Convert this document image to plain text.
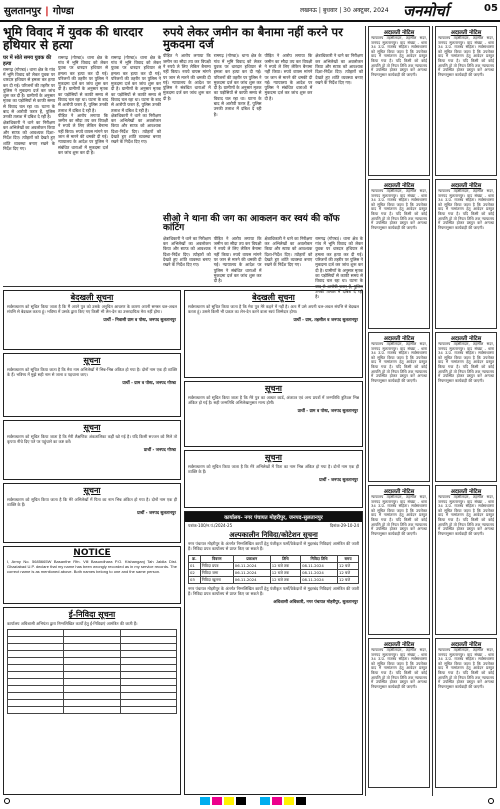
सुलतानपुर | गोण्डा	लखनऊ | बुधवार | 30 अक्टूबर, 2024 जनमोर्चा	05
भूमि विवाद में युवक की धारदार हथियार से हत्या
घर में सोते समय युवक की हत्या
रामगढ़ (गोण्डा)। थाना क्षेत्र के गांव में भूमि विवाद को लेकर युवक पर धारदार हथियार से हमला कर हत्या कर दी गई। परिजनों की तहरीर पर पुलिस ने मुकदमा दर्ज कर जांच शुरू कर दी है। ग्रामीणों के अनुसार मृतक का पड़ोसियों से काफी समय से विवाद चल रहा था। घटना के बाद से आरोपी फरार हैं, पुलिस उनकी तलाश में दबिश दे रही है।
क्षेत्राधिकारी ने थाने का निरीक्षण कर अभिलेखों का अवलोकन किया और स्टाफ को आवश्यक दिशा-निर्देश दिए। त्योहारों को देखते हुए शांति व्यवस्था बनाए रखने के निर्देश दिए गए।
रामगढ़ (गोण्डा)। थाना क्षेत्र के गांव में भूमि विवाद को लेकर युवक पर धारदार हथियार से हमला कर हत्या कर दी गई। परिजनों की तहरीर पर पुलिस ने मुकदमा दर्ज कर जांच शुरू कर दी है। ग्रामीणों के अनुसार मृतक का पड़ोसियों से काफी समय से विवाद चल रहा था। घटना के बाद से आरोपी फरार हैं, पुलिस उनकी तलाश में दबिश दे रही है।
पीड़ित ने आरोप लगाया कि जमीन का सौदा तय कर विपक्षी ने रुपये ले लिए लेकिन बैनामा नहीं किया। रुपये वापस मांगने पर जान से मारने की धमकी दी गई। न्यायालय के आदेश पर पुलिस ने संबंधित धाराओं में मुकदमा दर्ज कर जांच शुरू कर दी है।
रामगढ़ (गोण्डा)। थाना क्षेत्र के गांव में भूमि विवाद को लेकर युवक पर धारदार हथियार से हमला कर हत्या कर दी गई। परिजनों की तहरीर पर पुलिस ने मुकदमा दर्ज कर जांच शुरू कर दी है। ग्रामीणों के अनुसार मृतक का पड़ोसियों से काफी समय से विवाद चल रहा था। घटना के बाद से आरोपी फरार हैं, पुलिस उनकी तलाश में दबिश दे रही है।
क्षेत्राधिकारी ने थाने का निरीक्षण कर अभिलेखों का अवलोकन किया और स्टाफ को आवश्यक दिशा-निर्देश दिए। त्योहारों को देखते हुए शांति व्यवस्था बनाए रखने के निर्देश दिए गए।
रुपये लेकर जमीन का बैनामा नहीं करने पर मुकदमा दर्ज
पीड़ित ने आरोप लगाया कि जमीन का सौदा तय कर विपक्षी ने रुपये ले लिए लेकिन बैनामा नहीं किया। रुपये वापस मांगने पर जान से मारने की धमकी दी गई। न्यायालय के आदेश पर पुलिस ने संबंधित धाराओं में मुकदमा दर्ज कर जांच शुरू कर दी है।
रामगढ़ (गोण्डा)। थाना क्षेत्र के गांव में भूमि विवाद को लेकर युवक पर धारदार हथियार से हमला कर हत्या कर दी गई। परिजनों की तहरीर पर पुलिस ने मुकदमा दर्ज कर जांच शुरू कर दी है। ग्रामीणों के अनुसार मृतक का पड़ोसियों से काफी समय से विवाद चल रहा था। घटना के बाद से आरोपी फरार हैं, पुलिस उनकी तलाश में दबिश दे रही है।
पीड़ित ने आरोप लगाया कि जमीन का सौदा तय कर विपक्षी ने रुपये ले लिए लेकिन बैनामा नहीं किया। रुपये वापस मांगने पर जान से मारने की धमकी दी गई। न्यायालय के आदेश पर पुलिस ने संबंधित धाराओं में मुकदमा दर्ज कर जांच शुरू कर दी है।
क्षेत्राधिकारी ने थाने का निरीक्षण कर अभिलेखों का अवलोकन किया और स्टाफ को आवश्यक दिशा-निर्देश दिए। त्योहारों को देखते हुए शांति व्यवस्था बनाए रखने के निर्देश दिए गए।
सीओ ने थाना की जग का आकलन कर स्वयं की कॉफ कांटिंग
क्षेत्राधिकारी ने थाने का निरीक्षण कर अभिलेखों का अवलोकन किया और स्टाफ को आवश्यक दिशा-निर्देश दिए। त्योहारों को देखते हुए शांति व्यवस्था बनाए रखने के निर्देश दिए गए।
पीड़ित ने आरोप लगाया कि जमीन का सौदा तय कर विपक्षी ने रुपये ले लिए लेकिन बैनामा नहीं किया। रुपये वापस मांगने पर जान से मारने की धमकी दी गई। न्यायालय के आदेश पर पुलिस ने संबंधित धाराओं में मुकदमा दर्ज कर जांच शुरू कर दी है।
क्षेत्राधिकारी ने थाने का निरीक्षण कर अभिलेखों का अवलोकन किया और स्टाफ को आवश्यक दिशा-निर्देश दिए। त्योहारों को देखते हुए शांति व्यवस्था बनाए रखने के निर्देश दिए गए।
रामगढ़ (गोण्डा)। थाना क्षेत्र के गांव में भूमि विवाद को लेकर युवक पर धारदार हथियार से हमला कर हत्या कर दी गई। परिजनों की तहरीर पर पुलिस ने मुकदमा दर्ज कर जांच शुरू कर दी है। ग्रामीणों के अनुसार मृतक का पड़ोसियों से काफी समय से विवाद चल रहा था। घटना के उनकी तलाश में दबिश दे रही है।
बेदखली सूचना
सर्वसाधारण को सूचित किया जाता है कि मैं अपने पुत्र को उसके अनुचित आचरण के कारण अपनी समस्त चल-अचल संपत्ति से बेदखल करता हूं। भविष्य में उसके द्वारा किए गए किसी भी लेन-देन का उत्तरदायित्व मेरा नहीं होगा।
प्रार्थी - निवासी ग्राम व पोस्ट, जनपद सुलतानपुर
सूचना
सर्वसाधारण को सूचित किया जाता है कि मेरा नाम अभिलेखों में भिन्न-भिन्न अंकित हो गया है। दोनों नाम एक ही व्यक्ति के हैं। भविष्य में मुझे सही नाम से जाना व पहचाना जाए।
प्रार्थी - ग्राम व पोस्ट, जनपद गोण्डा
सूचना
सर्वसाधारण को सूचित किया जाता है कि मेरी शैक्षणिक अंकतालिका कहीं खो गई है। यदि किसी सज्जन को मिले तो कृपया नीचे दिए पते पर पहुंचाने का कष्ट करें।
प्रार्थी - जनपद गोण्डा
सूचना
सर्वसाधारण को सूचित किया जाता है कि मेरे अभिलेखों में पिता का नाम भिन्न अंकित हो गया है। दोनों नाम एक ही व्यक्ति के हैं।
प्रार्थी - जनपद सुलतानपुर
NOTICE
I, Army No. 5685665W Basanthe Rfn. Vill Basundhara P.O. Kishanganj Tah Jaldia Dist. Ghaziabad U.P. declare that my name has been wrongly recorded as in my service records. The correct name is as mentioned above. Both names belong to one and the same person.
ई-निविदा सूचना
कार्यालय अधिशासी अभियंता द्वारा निम्नलिखित कार्यों हेतु ई-निविदाएं आमंत्रित की जाती हैं।

बेदखली सूचना
सर्वसाधारण को सूचित किया जाता है कि मेरा पुत्र मेरे कहने में नहीं है। अतः मैं उसे अपनी चल-अचल संपत्ति से बेदखल करता हूं। उससे किसी भी प्रकार का लेन-देन करने वाला स्वयं जिम्मेदार होगा।
प्रार्थी - ग्राम, तहसील व जनपद सुलतानपुर
सूचना
सर्वसाधारण को सूचित किया जाता है कि मेरे पुत्र का आधार कार्ड, अंकपत्र एवं अन्य प्रपत्रों में जन्मतिथि त्रुटिवश भिन्न अंकित हो गई है। सही जन्मतिथि अभिलेखानुसार मान्य होगी।
प्रार्थी - ग्राम व पोस्ट, जनपद सुलतानपुर
सूचना
सर्वसाधारण को सूचित किया जाता है कि मेरे अभिलेखों में पिता का नाम भिन्न अंकित हो गया है। दोनों नाम एक ही व्यक्ति के हैं।
प्रार्थी - जनपद सुलतानपुर
कार्यालय- नगर पंचायत मोहरीपुर, जनपद-सुलतानपुर
पत्रांक-100/न.पं./2024-25	दिनांक-29-10-24
अल्पकालीन निविदा/कोटेशन सूचना
नगर पंचायत मोहरीपुर के अंतर्गत निम्नलिखित कार्यों हेतु पंजीकृत फर्मों/ठेकेदारों से मुहरबंद निविदाएं आमंत्रित की जाती हैं। निविदा प्रपत्र कार्यालय से प्राप्त किए जा सकते हैं।
क्र.	विवरण	प्रकाशन	तिथि	निविदा तिथि	समय
01	निविदा प्रपत्र	06.11.2024	12 बजे तक	08.11.2024	12 बजे
02	निविदा जमा	06.11.2024	12 बजे तक	08.11.2024	12 बजे
03	निविदा खुलना	06.11.2024	12 बजे तक	08.11.2024	12 बजे
नगर पंचायत मोहरीपुर के अंतर्गत निम्नलिखित कार्यों हेतु पंजीकृत फर्मों/ठेकेदारों से मुहरबंद निविदाएं आमंत्रित की जाती हैं। निविदा प्रपत्र कार्यालय से प्राप्त किए जा सकते हैं।
अधिशासी अधिकारी, नगर पंचायत मोहरीपुर, सुलतानपुर
अदालती नोटिस
न्यायालय तहसीलदार, तहसील सदर, जनपद सुलतानपुर। वाद संख्या - धारा 34 उ.प्र. राजस्व संहिता। सर्वसाधारण को सूचित किया जाता है कि उपरोक्त वाद में नामांतरण हेतु आवेदन प्रस्तुत किया गया है। यदि किसी को कोई आपत्ति हो तो नियत तिथि तक न्यायालय में उपस्थित होकर प्रस्तुत करें अन्यथा नियमानुसार कार्यवाही की जाएगी।
अदालती नोटिस
न्यायालय तहसीलदार, तहसील सदर, जनपद सुलतानपुर। वाद संख्या - धारा 34 उ.प्र. राजस्व संहिता। सर्वसाधारण को सूचित किया जाता है कि उपरोक्त वाद में नामांतरण हेतु आवेदन प्रस्तुत किया गया है। यदि किसी को कोई आपत्ति हो तो नियत तिथि तक न्यायालय में उपस्थित होकर प्रस्तुत करें अन्यथा नियमानुसार कार्यवाही की जाएगी।
अदालती नोटिस
न्यायालय तहसीलदार, तहसील सदर, जनपद सुलतानपुर। वाद संख्या - धारा 34 उ.प्र. राजस्व संहिता। सर्वसाधारण को सूचित किया जाता है कि उपरोक्त वाद में नामांतरण हेतु आवेदन प्रस्तुत किया गया है। यदि किसी को कोई आपत्ति हो तो नियत तिथि तक न्यायालय में उपस्थित होकर प्रस्तुत करें अन्यथा नियमानुसार कार्यवाही की जाएगी।
अदालती नोटिस
न्यायालय तहसीलदार, तहसील सदर, जनपद सुलतानपुर। वाद संख्या - धारा 34 उ.प्र. राजस्व संहिता। सर्वसाधारण को सूचित किया जाता है कि उपरोक्त वाद में नामांतरण हेतु आवेदन प्रस्तुत किया गया है। यदि किसी को कोई आपत्ति हो तो नियत तिथि तक न्यायालय में उपस्थित होकर प्रस्तुत करें अन्यथा नियमानुसार कार्यवाही की जाएगी।
अदालती नोटिस
न्यायालय तहसीलदार, तहसील सदर, जनपद सुलतानपुर। वाद संख्या - धारा 34 उ.प्र. राजस्व संहिता। सर्वसाधारण को सूचित किया जाता है कि उपरोक्त वाद में नामांतरण हेतु आवेदन प्रस्तुत किया गया है। यदि किसी को कोई आपत्ति हो तो नियत तिथि तक न्यायालय में उपस्थित होकर प्रस्तुत करें अन्यथा नियमानुसार कार्यवाही की जाएगी।
अदालती नोटिस
न्यायालय तहसीलदार, तहसील सदर, जनपद सुलतानपुर। वाद संख्या - धारा 34 उ.प्र. राजस्व संहिता। सर्वसाधारण को सूचित किया जाता है कि उपरोक्त वाद में नामांतरण हेतु आवेदन प्रस्तुत किया गया है। यदि किसी को कोई आपत्ति हो तो नियत तिथि तक न्यायालय में उपस्थित होकर प्रस्तुत करें अन्यथा नियमानुसार कार्यवाही की जाएगी।
अदालती नोटिस
न्यायालय तहसीलदार, तहसील सदर, जनपद सुलतानपुर। वाद संख्या - धारा 34 उ.प्र. राजस्व संहिता। सर्वसाधारण को सूचित किया जाता है कि उपरोक्त वाद में नामांतरण हेतु आवेदन प्रस्तुत किया गया है। यदि किसी को कोई आपत्ति हो तो नियत तिथि तक न्यायालय में उपस्थित होकर प्रस्तुत करें अन्यथा नियमानुसार कार्यवाही की जाएगी।
अदालती नोटिस
न्यायालय तहसीलदार, तहसील सदर, जनपद सुलतानपुर। वाद संख्या - धारा 34 उ.प्र. राजस्व संहिता। सर्वसाधारण को सूचित किया जाता है कि उपरोक्त वाद में नामांतरण हेतु आवेदन प्रस्तुत किया गया है। यदि किसी को कोई आपत्ति हो तो नियत तिथि तक न्यायालय में उपस्थित होकर प्रस्तुत करें अन्यथा नियमानुसार कार्यवाही की जाएगी।
अदालती नोटिस
न्यायालय तहसीलदार, तहसील सदर, जनपद सुलतानपुर। वाद संख्या - धारा 34 उ.प्र. राजस्व संहिता। सर्वसाधारण को सूचित किया जाता है कि उपरोक्त वाद में नामांतरण हेतु आवेदन प्रस्तुत किया गया है। यदि किसी को कोई आपत्ति हो तो नियत तिथि तक न्यायालय में उपस्थित होकर प्रस्तुत करें अन्यथा नियमानुसार कार्यवाही की जाएगी।
अदालती नोटिस
न्यायालय तहसीलदार, तहसील सदर, जनपद सुलतानपुर। वाद संख्या - धारा 34 उ.प्र. राजस्व संहिता। सर्वसाधारण को सूचित किया जाता है कि उपरोक्त वाद में नामांतरण हेतु आवेदन प्रस्तुत किया गया है। यदि किसी को कोई आपत्ति हो तो नियत तिथि तक न्यायालय में उपस्थित होकर प्रस्तुत करें अन्यथा नियमानुसार कार्यवाही की जाएगी।
